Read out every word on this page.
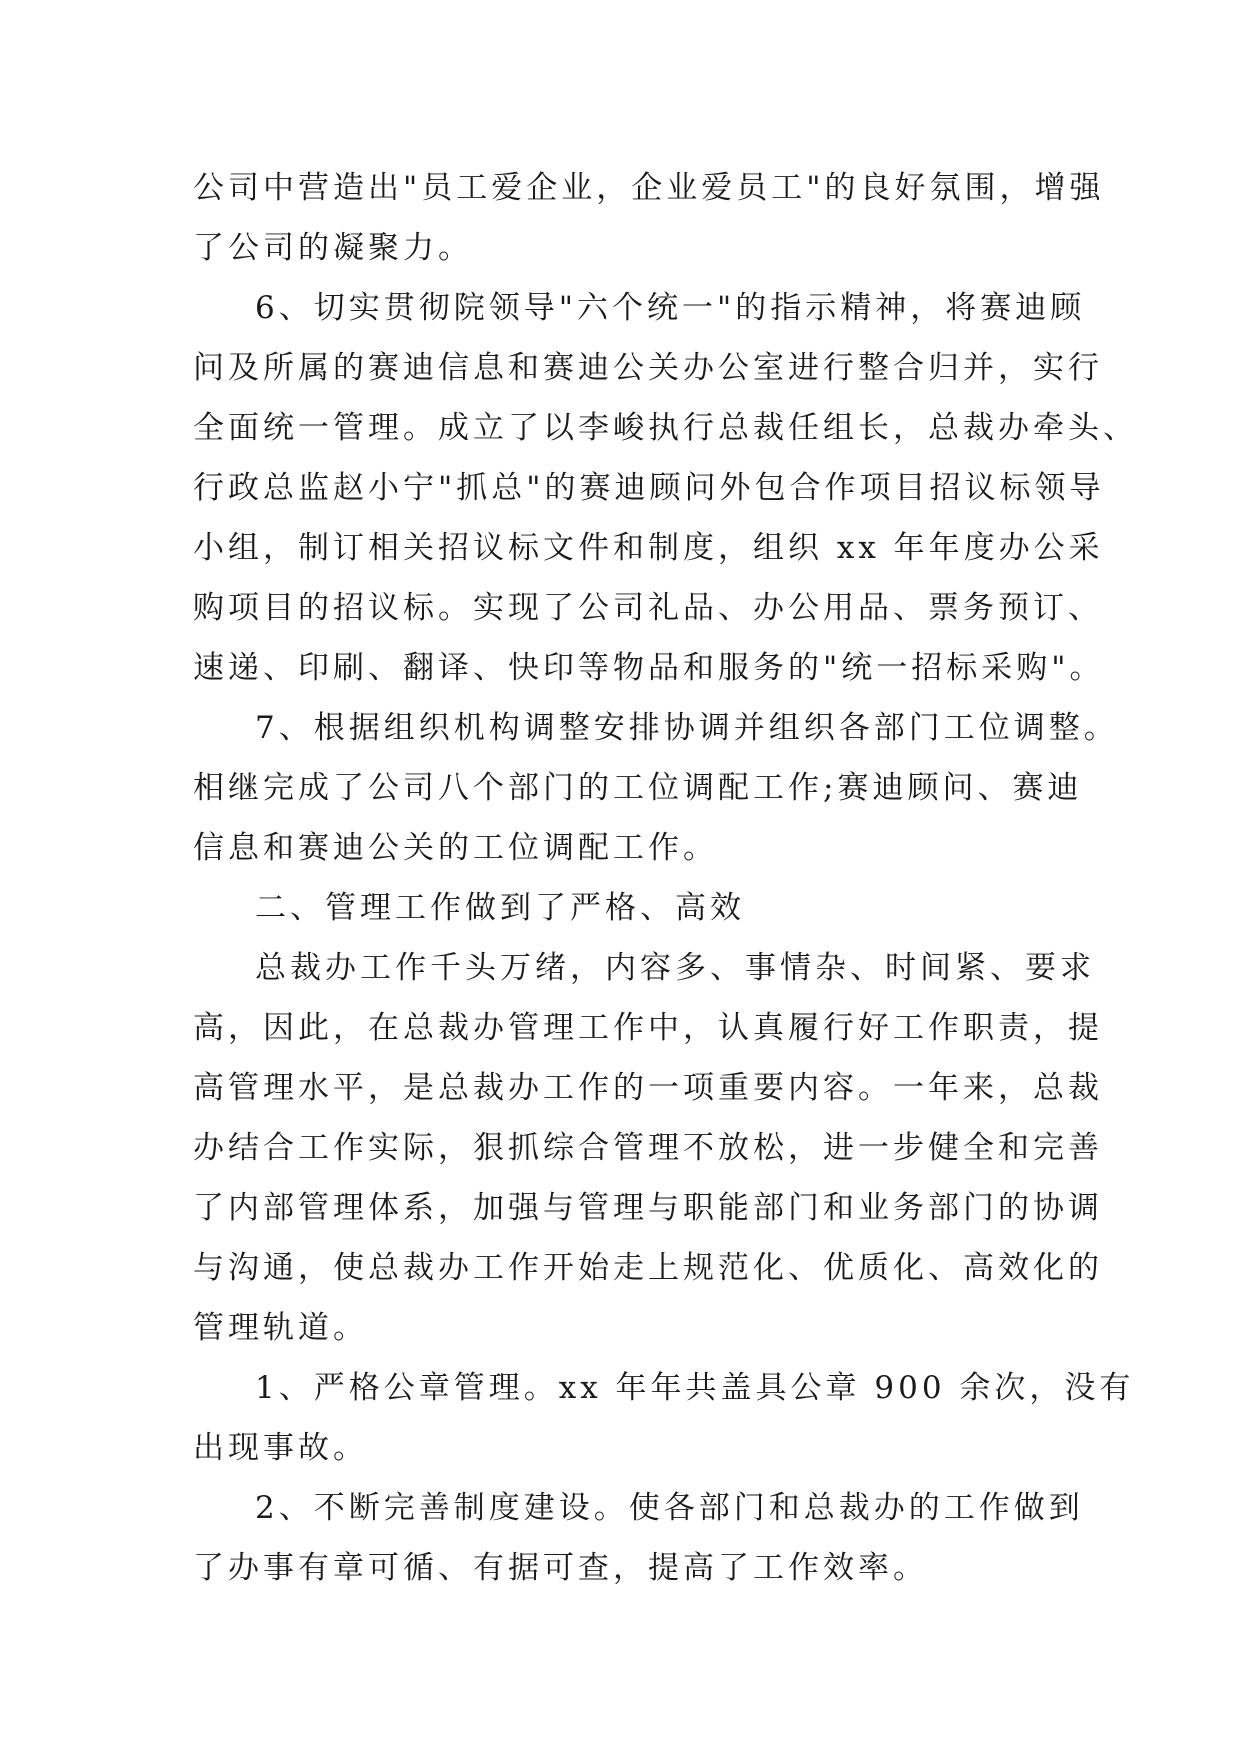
公司中营造出"员工爱企业，企业爱员工"的良好氛围，增强
了公司的凝聚力。
6、切实贯彻院领导"六个统一"的指示精神，将赛迪顾
问及所属的赛迪信息和赛迪公关办公室进行整合归并，实行
全面统一管理。成立了以李峻执行总裁任组长，总裁办牵头、
行政总监赵小宁"抓总"的赛迪顾问外包合作项目招议标领导
小组，制订相关招议标文件和制度，组织 xx 年年度办公采
购项目的招议标。实现了公司礼品、办公用品、票务预订、
速递、印刷、翻译、快印等物品和服务的"统一招标采购"。
7、根据组织机构调整安排协调并组织各部门工位调整。
相继完成了公司八个部门的工位调配工作;赛迪顾问、赛迪
信息和赛迪公关的工位调配工作。
二、管理工作做到了严格、高效
总裁办工作千头万绪，内容多、事情杂、时间紧、要求
高，因此，在总裁办管理工作中，认真履行好工作职责，提
高管理水平，是总裁办工作的一项重要内容。一年来，总裁
办结合工作实际，狠抓综合管理不放松，进一步健全和完善
了内部管理体系，加强与管理与职能部门和业务部门的协调
与沟通，使总裁办工作开始走上规范化、优质化、高效化的
管理轨道。
1、严格公章管理。xx 年年共盖具公章 900 余次，没有
出现事故。
2、不断完善制度建设。使各部门和总裁办的工作做到
了办事有章可循、有据可查，提高了工作效率。
